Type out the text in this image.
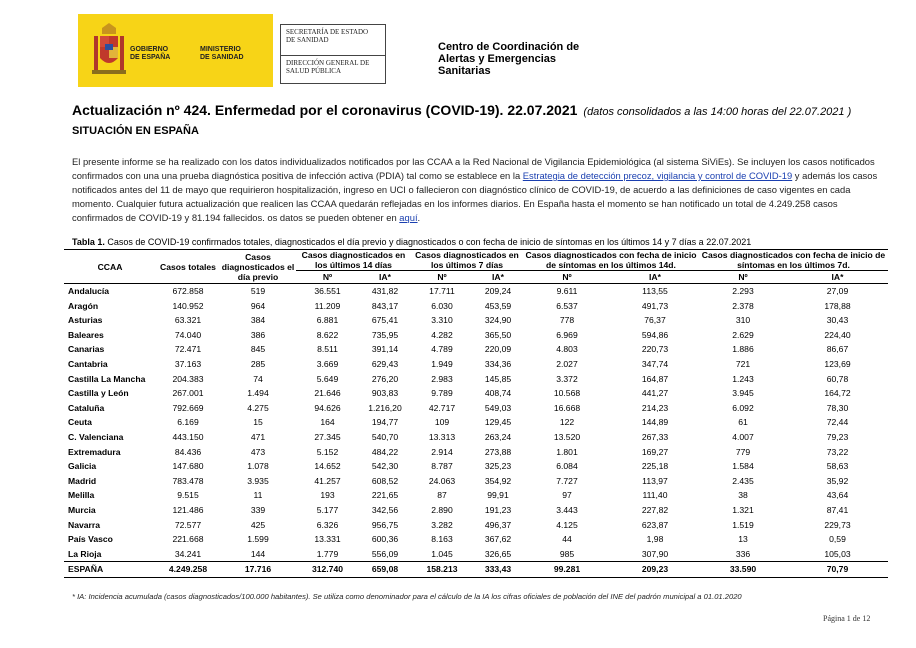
GOBIERNO
DE ESPAÑA
MINISTERIO
DE SANIDAD
SECRETARÍA DE ESTADO
DE SANIDAD
DIRECCIÓN GENERAL DE
SALUD PÚBLICA
Centro de Coordinación de
Alertas y Emergencias
Sanitarias
Actualización nº 424. Enfermedad por el coronavirus (COVID-19). 22.07.2021 (datos consolidados a las 14:00 horas del 22.07.2021 )
SITUACIÓN EN ESPAÑA
El presente informe se ha realizado con los datos individualizados notificados por las CCAA a la Red Nacional de Vigilancia Epidemiológica (al sistema SiViEs). Se incluyen los casos notificados confirmados con una una prueba diagnóstica positiva de infección activa (PDIA) tal como se establece en la Estrategia de detección precoz, vigilancia y control de COVID-19 y además los casos notificados antes del 11 de mayo que requirieron hospitalización, ingreso en UCI o fallecieron con diagnóstico clínico de COVID-19, de acuerdo a las definiciones de caso vigentes en cada momento. Cualquier futura actualización que realicen las CCAA quedarán reflejadas en los informes diarios. En España hasta el momento se han notificado un total de 4.249.258 casos confirmados de COVID-19 y 81.194 fallecidos. os datos se pueden obtener en aquí.
Tabla 1. Casos de COVID-19 confirmados totales, diagnosticados el día previo y diagnosticados o con fecha de inicio de síntomas en los últimos 14 y 7 días a 22.07.2021
CCAA	Casos totales	Casos diagnosticados el día previo	Casos diagnosticados en los últimos 14 días		Casos diagnosticados en los últimos 7 días		Casos diagnosticados con fecha de inicio de síntomas en los últimos 14d.		Casos diagnosticados con fecha de inicio de síntomas en los últimos 7d.	
			Nº	IA*	Nº	IA*	Nº	IA*	Nº	IA*
Andalucía	672.858	519	36.551	431,82	17.711	209,24	9.611	113,55	2.293	27,09
Aragón	140.952	964	11.209	843,17	6.030	453,59	6.537	491,73	2.378	178,88
Asturias	63.321	384	6.881	675,41	3.310	324,90	778	76,37	310	30,43
Baleares	74.040	386	8.622	735,95	4.282	365,50	6.969	594,86	2.629	224,40
Canarias	72.471	845	8.511	391,14	4.789	220,09	4.803	220,73	1.886	86,67
Cantabria	37.163	285	3.669	629,43	1.949	334,36	2.027	347,74	721	123,69
Castilla La Mancha	204.383	74	5.649	276,20	2.983	145,85	3.372	164,87	1.243	60,78
Castilla y León	267.001	1.494	21.646	903,83	9.789	408,74	10.568	441,27	3.945	164,72
Cataluña	792.669	4.275	94.626	1.216,20	42.717	549,03	16.668	214,23	6.092	78,30
Ceuta	6.169	15	164	194,77	109	129,45	122	144,89	61	72,44
C. Valenciana	443.150	471	27.345	540,70	13.313	263,24	13.520	267,33	4.007	79,23
Extremadura	84.436	473	5.152	484,22	2.914	273,88	1.801	169,27	779	73,22
Galicia	147.680	1.078	14.652	542,30	8.787	325,23	6.084	225,18	1.584	58,63
Madrid	783.478	3.935	41.257	608,52	24.063	354,92	7.727	113,97	2.435	35,92
Melilla	9.515	11	193	221,65	87	99,91	97	111,40	38	43,64
Murcia	121.486	339	5.177	342,56	2.890	191,23	3.443	227,82	1.321	87,41
Navarra	72.577	425	6.326	956,75	3.282	496,37	4.125	623,87	1.519	229,73
País Vasco	221.668	1.599	13.331	600,36	8.163	367,62	44	1,98	13	0,59
La Rioja	34.241	144	1.779	556,09	1.045	326,65	985	307,90	336	105,03
ESPAÑA	4.249.258	17.716	312.740	659,08	158.213	333,43	99.281	209,23	33.590	70,79
* IA: Incidencia acumulada (casos diagnosticados/100.000 habitantes). Se utiliza como denominador para el cálculo de la IA los cifras oficiales de población del INE del padrón municipal a 01.01.2020
Página 1 de 12
